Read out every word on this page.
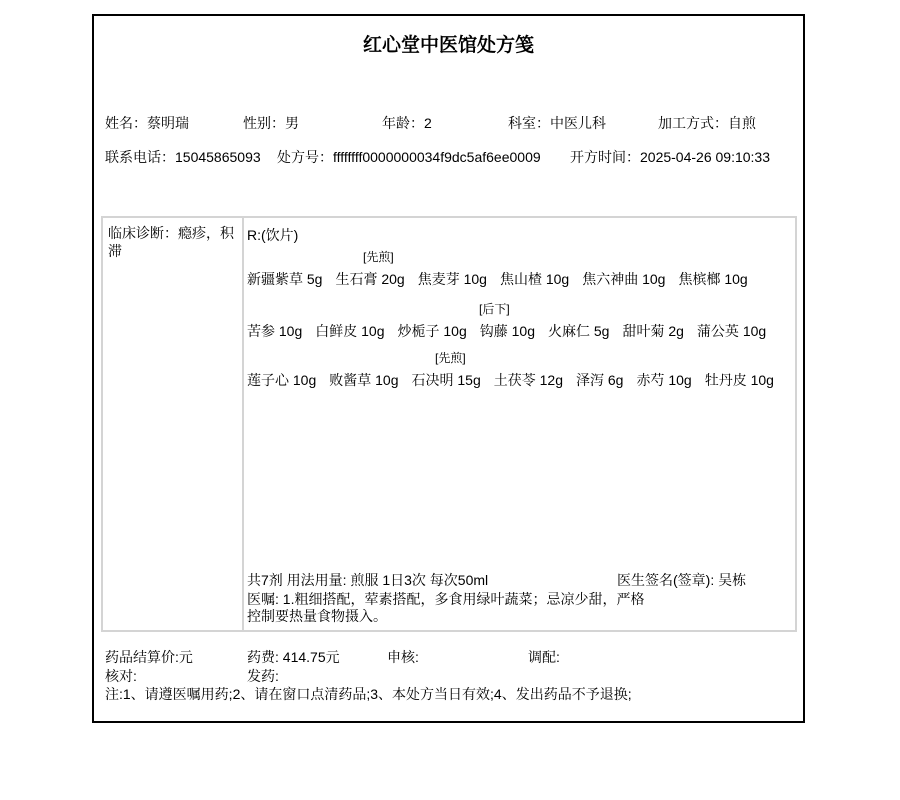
红心堂中医馆处方笺
姓名：蔡明瑞	性别：男	年龄：2	科室：中医儿科	加工方式：自煎
联系电话：15045865093 处方号：ffffffff0000000034f9dc5af6ee0009 开方时间：2025-04-26 09:10:33
临床诊断：瘾疹，积滞
R:(饮片)
[先煎]
新疆紫草 5g 生石膏 20g 焦麦芽 10g 焦山楂 10g 焦六神曲 10g 焦槟榔 10g
[后下]
苦参 10g 白鲜皮 10g 炒栀子 10g 钩藤 10g 火麻仁 5g 甜叶菊 2g 蒲公英 10g
[先煎]
莲子心 10g 败酱草 10g 石决明 15g 土茯苓 12g 泽泻 6g 赤芍 10g 牡丹皮 10g
共7剂 用法用量: 煎服 1日3次 每次50ml	医生签名(签章): 吴栋
医嘱: 1.粗细搭配，荤素搭配，多食用绿叶蔬菜；忌凉少甜，严格
控制要热量食物摄入。
药品结算价:元	药费: 414.75元	申核:	调配:
核对:	发药:
注:1、请遵医嘱用药;2、请在窗口点清药品;3、本处方当日有效;4、发出药品不予退换;
